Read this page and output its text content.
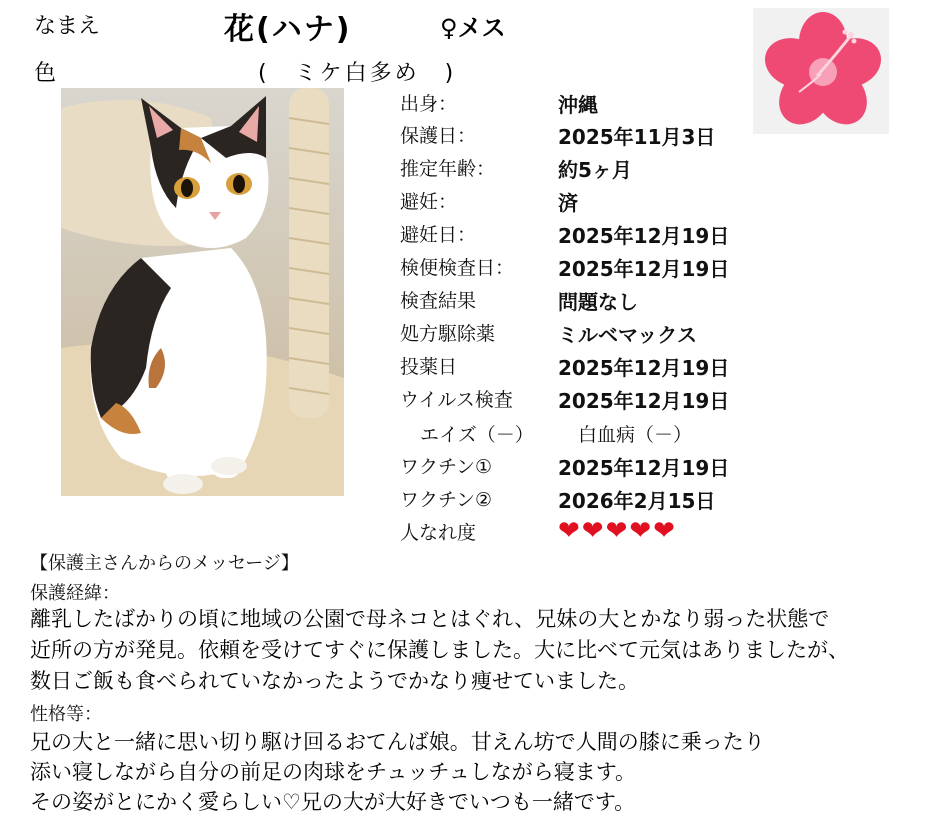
なまえ	花(ハナ)	♀メス
色	(　ミケ白多め　)
出身：	沖縄
保護日：	2025年11月3日
推定年齢：	約5ヶ月
避妊：	済
避妊日：	2025年12月19日
検便検査日： 2025年12月19日
検査結果	問題なし
処方駆除薬	ミルベマックス
投薬日	2025年12月19日
ウイルス検査 2025年12月19日
エイズ（－） 白血病（－）
ワクチン①	2025年12月19日
ワクチン②	2026年2月15日
人なれ度	❤❤❤❤❤
【保護主さんからのメッセージ】
保護経緯：
離乳したばかりの頃に地域の公園で母ネコとはぐれ、兄妹の大とかなり弱った状態で
近所の方が発見。依頼を受けてすぐに保護しました。大に比べて元気はありましたが、
数日ご飯も食べられていなかったようでかなり痩せていました。
性格等：
兄の大と一緒に思い切り駆け回るおてんば娘。甘えん坊で人間の膝に乗ったり
添い寝しながら自分の前足の肉球をチュッチュしながら寝ます。
その姿がとにかく愛らしい♡兄の大が大好きでいつも一緒です。
